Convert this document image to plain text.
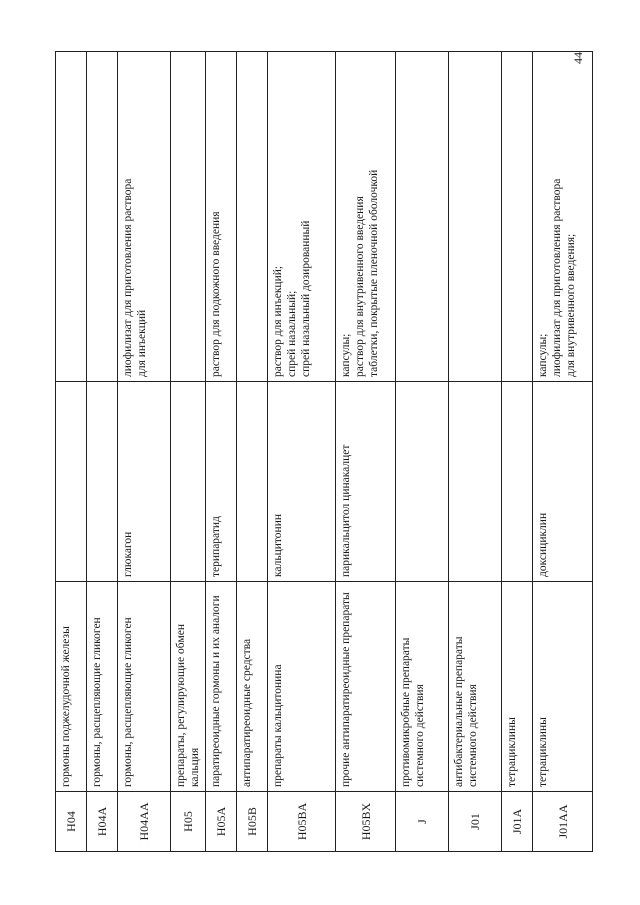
44
H04	гормоны поджелудочной железы		
H04A	гормоны, расщепляющие гликоген		
H04AA	гормоны, расщепляющие гликоген	глюкагон	лиофилизат для приготовления раствора
для инъекций
H05	препараты, регулирующие обмен кальция		
H05A	паратиреоидные гормоны и их аналоги	терипаратид	раствор для подкожного введения
H05B	антипаратиреоидные средства		
H05BA	препараты кальцитонина	кальцитонин	раствор для инъекций;
спрей назальный;
спрей назальный дозированный
H05BX	прочие антипаратиреоидные препараты	парикальцитол цинакалцет	капсулы;
раствор для внутривенного введения
таблетки, покрытые пленочной оболочкой
J	противомикробные препараты
системного действия		
J01	антибактериальные препараты
системного действия		
J01A	тетрациклины		
J01AA	тетрациклины	доксициклин	капсулы;
лиофилизат для приготовления раствора
для внутривенного введения;
